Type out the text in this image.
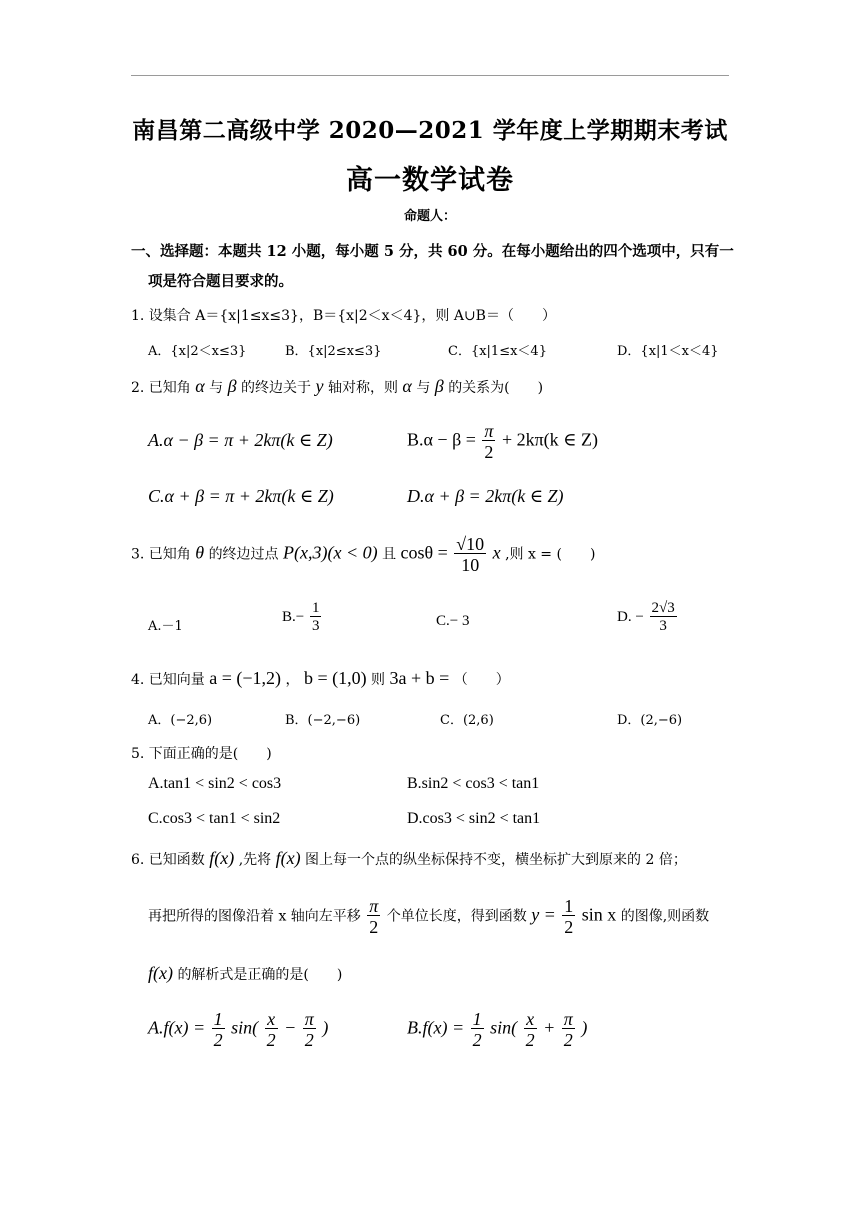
南昌第二高级中学 2020—2021 学年度上学期期末考试
高一数学试卷
命题人：
一、选择题：本题共 12 小题，每小题 5 分，共 60 分。在每小题给出的四个选项中，只有一
项是符合题目要求的。
1. 设集合 A＝{x|1≤x≤3}，B＝{x|2＜x＜4}，则 A∪B＝（　　）
A．{x|2＜x≤3}	B．{x|2≤x≤3}	C．{x|1≤x＜4}	D．{x|1＜x＜4}
2. 已知角 α 与 β 的终边关于 y 轴对称，则 α 与 β 的关系为(　　)
A.α − β = π + 2kπ(k ∈ Z)	$B.\alpha - \beta = \frac{\pi}{2} + 2k\pi(k$ ∈ Z)
C.α + β = π + 2kπ(k ∈ Z)	D.α + β = 2kπ(k ∈ Z)
3. 已知角 θ 的终边过点 P(x,3)(x < 0) 且 $\cos\theta = \frac{√10}{10}$ x ,则 x = (　　)
A.－1
$B.- \frac{1}{3}$	C.− 3	D. − $\frac{2√3}{3}$
4. 已知向量 a = (−1,2) ， b = (1,0) 则 3a + b = （　　）
A．(−2,6)	B．(−2,−6)	C．(2,6)	D．(2,−6)
5. 下面正确的是(　　)
A.tan1 < sin2 < cos3	B.sin2 < cos3 < tan1
C.cos3 < tan1 < sin2	D.cos3 < sin2 < tan1
6. 已知函数 f(x) ,先将 f(x) 图上每一个点的纵坐标保持不变，横坐标扩大到原来的 2 倍；
再把所得的图像沿着 x 轴向左平移 $\frac{\pi}{2}$ 个单位长度，得到函数 $y = \frac{1}{2}$ sin x 的图像,则函数
f(x) 的解析式是正确的是(　　)
$A.f(x) = \frac{1}{2} \sin( \frac{x}{2} - \frac{\pi}{2}$ )	$B.f(x) = \frac{1}{2} \sin( \frac{x}{2} + \frac{\pi}{2}$ )
